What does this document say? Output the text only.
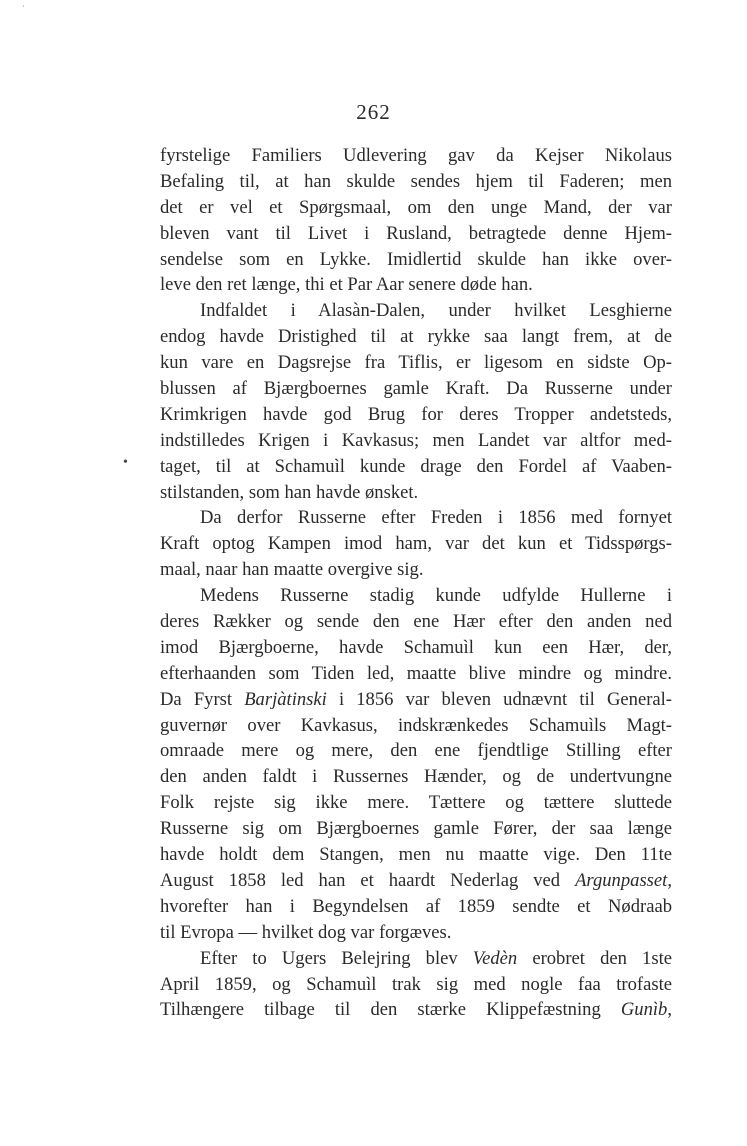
·
262
•
fyrstelige Familiers Udlevering gav da Kejser Nikolaus
Befaling til, at han skulde sendes hjem til Faderen; men
det er vel et Spørgsmaal, om den unge Mand, der var
bleven vant til Livet i Rusland, betragtede denne Hjem-
sendelse som en Lykke. Imidlertid skulde han ikke over-
leve den ret længe, thi et Par Aar senere døde han.
Indfaldet i Alasàn-Dalen, under hvilket Lesghierne
endog havde Dristighed til at rykke saa langt frem, at de
kun vare en Dagsrejse fra Tiflis, er ligesom en sidste Op-
blussen af Bjærgboernes gamle Kraft. Da Russerne under
Krimkrigen havde god Brug for deres Tropper andetsteds,
indstilledes Krigen i Kavkasus; men Landet var altfor med-
taget, til at Schamuìl kunde drage den Fordel af Vaaben-
stilstanden, som han havde ønsket.
Da derfor Russerne efter Freden i 1856 med fornyet
Kraft optog Kampen imod ham, var det kun et Tidsspørgs-
maal, naar han maatte overgive sig.
Medens Russerne stadig kunde udfylde Hullerne i
deres Rækker og sende den ene Hær efter den anden ned
imod Bjærgboerne, havde Schamuìl kun een Hær, der,
efterhaanden som Tiden led, maatte blive mindre og mindre.
Da Fyrst Barjàtinski i 1856 var bleven udnævnt til General-
guvernør over Kavkasus, indskrænkedes Schamuìls Magt-
omraade mere og mere, den ene fjendtlige Stilling efter
den anden faldt i Russernes Hænder, og de undertvungne
Folk rejste sig ikke mere. Tættere og tættere sluttede
Russerne sig om Bjærgboernes gamle Fører, der saa længe
havde holdt dem Stangen, men nu maatte vige. Den 11te
August 1858 led han et haardt Nederlag ved Argunpasset,
hvorefter han i Begyndelsen af 1859 sendte et Nødraab
til Evropa — hvilket dog var forgæves.
Efter to Ugers Belejring blev Vedèn erobret den 1ste
April 1859, og Schamuìl trak sig med nogle faa trofaste
Tilhængere tilbage til den stærke Klippefæstning Gunìb,
